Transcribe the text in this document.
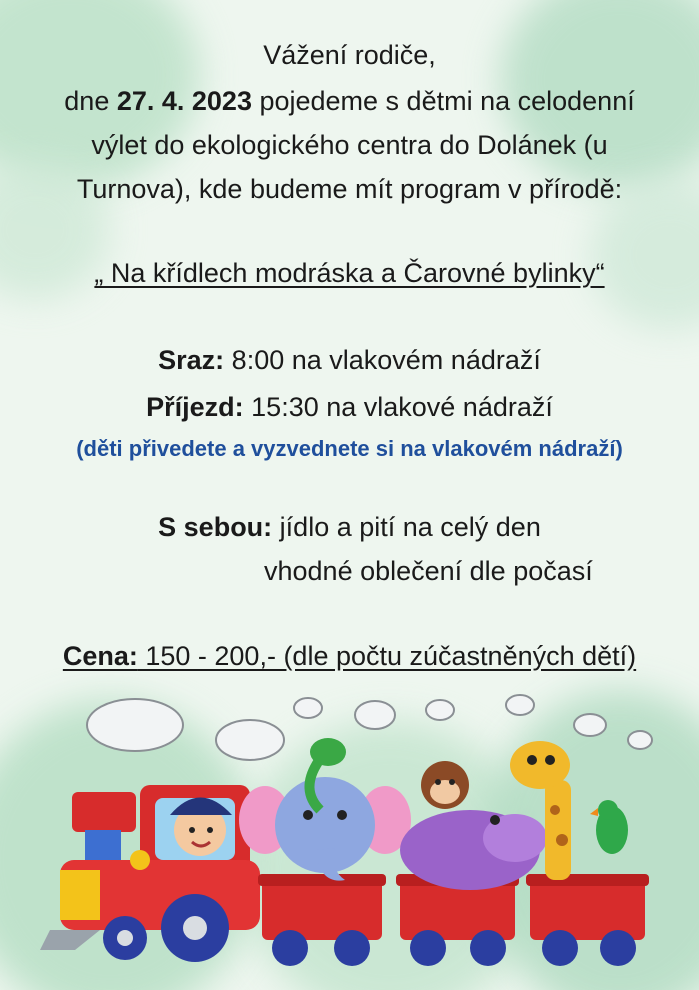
Vážení rodiče,
dne 27. 4. 2023 pojedeme s dětmi na celodenní
výlet do ekologického centra do Dolánek (u
Turnova), kde budeme mít program v přírodě:
„ Na křídlech modráska a Čarovné bylinky“
Sraz: 8:00 na vlakovém nádraží
Příjezd: 15:30 na vlakové nádraží
(děti přivedete a vyzvednete si na vlakovém nádraží)
S sebou: jídlo a pití na celý den
vhodné oblečení dle počasí
Cena: 150 - 200,- (dle počtu zúčastněných dětí)
